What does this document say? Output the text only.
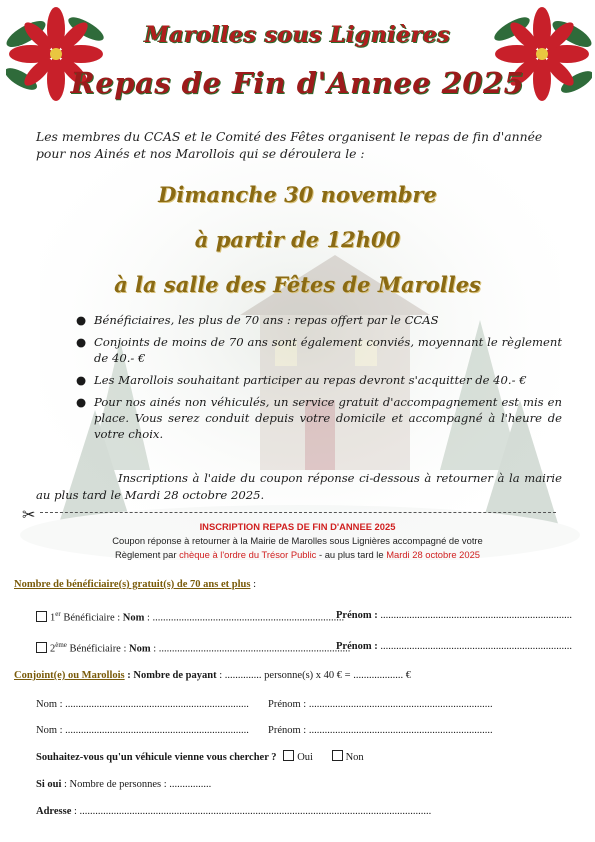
Marolles sous Lignières
Repas de Fin d'Annee 2025
Les membres du CCAS et le Comité des Fêtes organisent le repas de fin d'année
pour nos Ainés et nos Marollois qui se déroulera le :
Dimanche 30 novembre
à partir de 12h00
à la salle des Fêtes de Marolles
● Bénéficiaires, les plus de 70 ans : repas offert par le CCAS
● Conjoints de moins de 70 ans sont également conviés, moyennant le règlement de 40.- €
● Les Marollois souhaitant participer au repas devront s'acquitter de 40.- €
● Pour nos ainés non véhiculés, un service gratuit d'accompagnement est mis en place. Vous serez conduit depuis votre domicile et accompagné à l'heure de votre choix.
Inscriptions à l'aide du coupon réponse ci-dessous à retourner à la mairie au plus tard le Mardi 28 octobre 2025.
✂
INSCRIPTION REPAS DE FIN D'ANNEE 2025
Coupon réponse à retourner à la Mairie de Marolles sous Lignières accompagné de votre
Règlement par chèque à l'ordre du Trésor Public - au plus tard le Mardi 28 octobre 2025
Nombre de bénéficiaire(s) gratuit(s) de 70 ans et plus :
1er Bénéficiaire : Nom : .........................................................................
Prénom : .........................................................................
2ème Bénéficiaire : Nom : .........................................................................
Prénom : .........................................................................
Conjoint(e) ou Marollois : Nombre de payant : .............. personne(s) x 40 € = ................... €
Nom : ...................................................................... Prénom : ......................................................................
Nom : ...................................................................... Prénom : ......................................................................
Souhaitez-vous qu'un véhicule vienne vous chercher ? Oui	Non
Si oui : Nombre de personnes : ................
Adresse : ......................................................................................................................................
